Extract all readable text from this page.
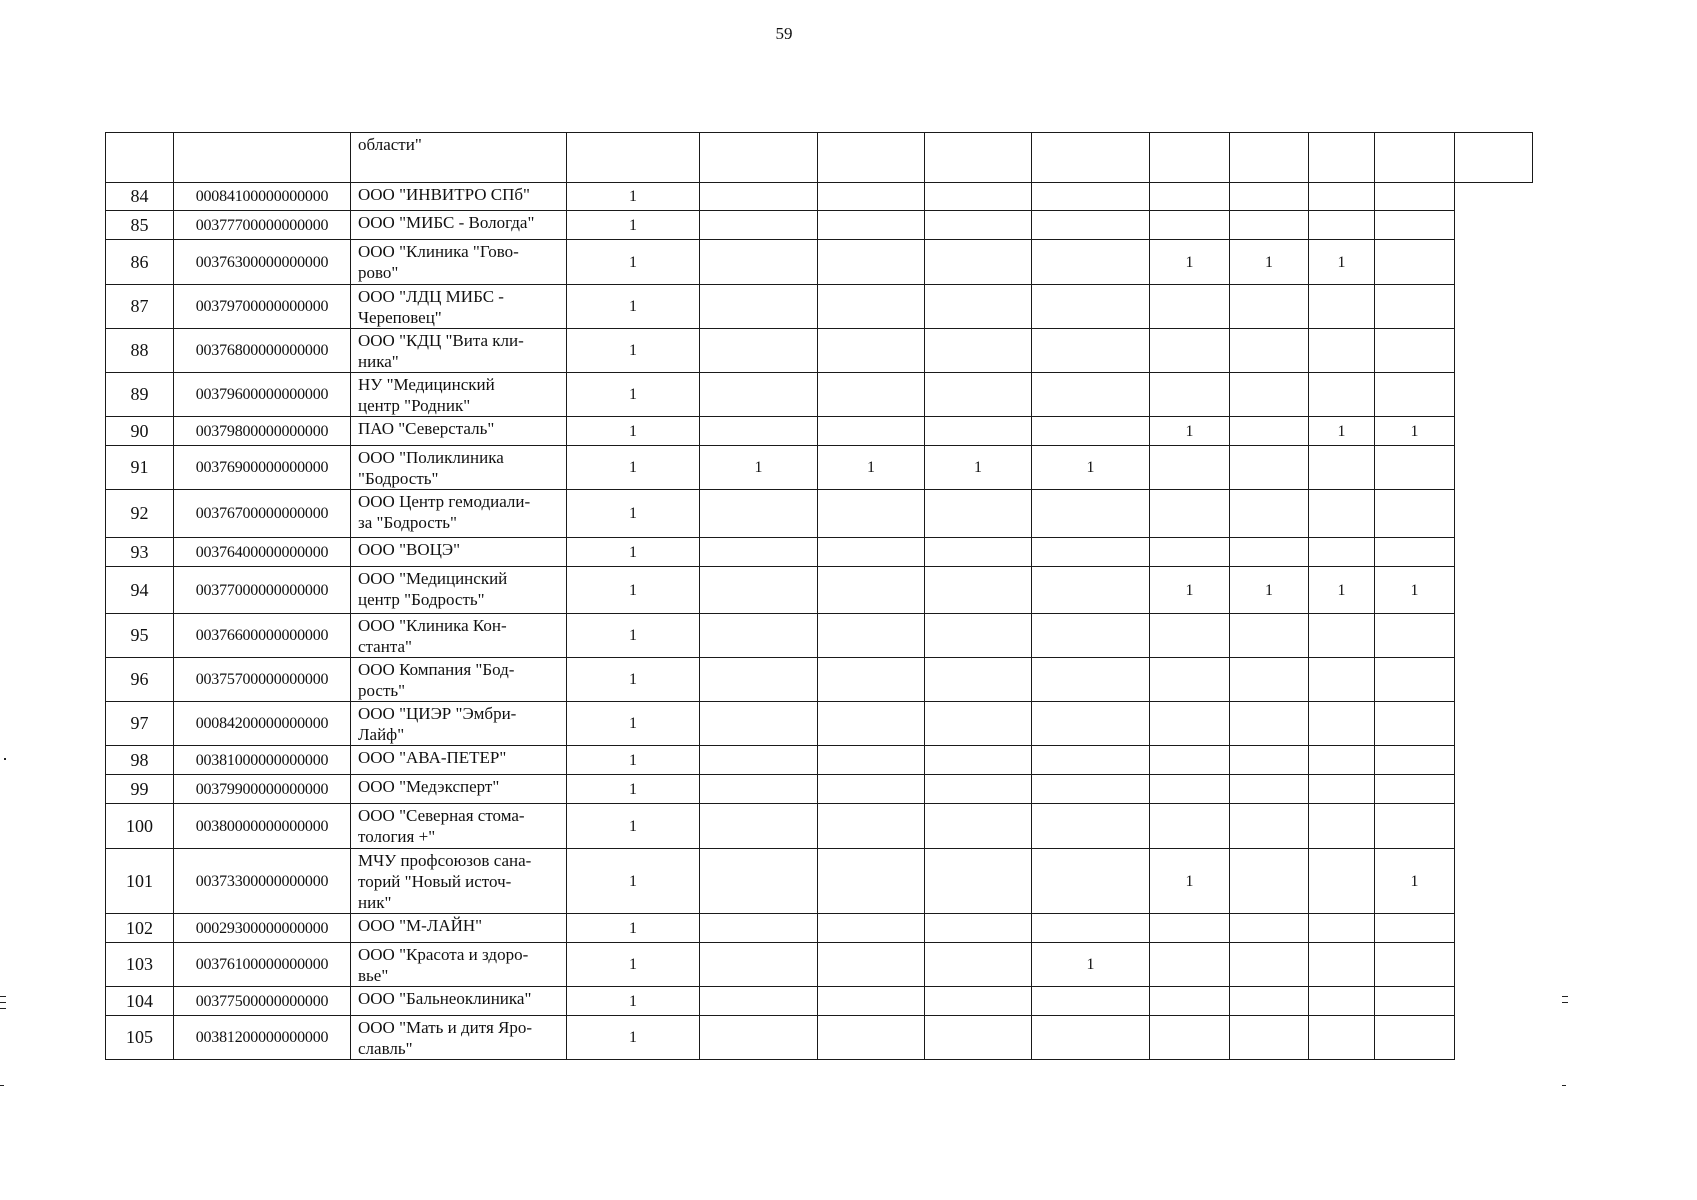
59
		области"										
84	00084100000000000	ООО "ИНВИТРО СПб"	1									
85	00377700000000000	ООО "МИБС - Вологда"	1									
86	00376300000000000	ООО "Клиника "Гово-
рово"	1					1	1	1		
87	00379700000000000	ООО "ЛДЦ МИБС -
Череповец"	1									
88	00376800000000000	ООО "КДЦ "Вита кли-
ника"	1									
89	00379600000000000	НУ "Медицинский
центр "Родник"	1									
90	00379800000000000	ПАО "Северсталь"	1					1		1	1	
91	00376900000000000	ООО "Поликлиника
"Бодрость"	1	1	1	1	1					
92	00376700000000000	ООО Центр гемодиали-
за "Бодрость"	1									
93	00376400000000000	ООО "ВОЦЭ"	1									
94	00377000000000000	ООО "Медицинский
центр "Бодрость"	1					1	1	1	1	
95	00376600000000000	ООО "Клиника Кон-
станта"	1									
96	00375700000000000	ООО Компания "Бод-
рость"	1									
97	00084200000000000	ООО "ЦИЭР "Эмбри-
Лайф"	1									
98	00381000000000000	ООО "АВА-ПЕТЕР"	1									
99	00379900000000000	ООО "Медэксперт"	1									
100	00380000000000000	ООО "Северная стома-
тология +"	1									
101	00373300000000000	МЧУ профсоюзов сана-
торий "Новый источ-
ник"	1					1			1	
102	00029300000000000	ООО "М-ЛАЙН"	1									
103	00376100000000000	ООО "Красота и здоро-
вье"	1				1					
104	00377500000000000	ООО "Бальнеоклиника"	1									
105	00381200000000000	ООО "Мать и дитя Яро-
славль"	1									
